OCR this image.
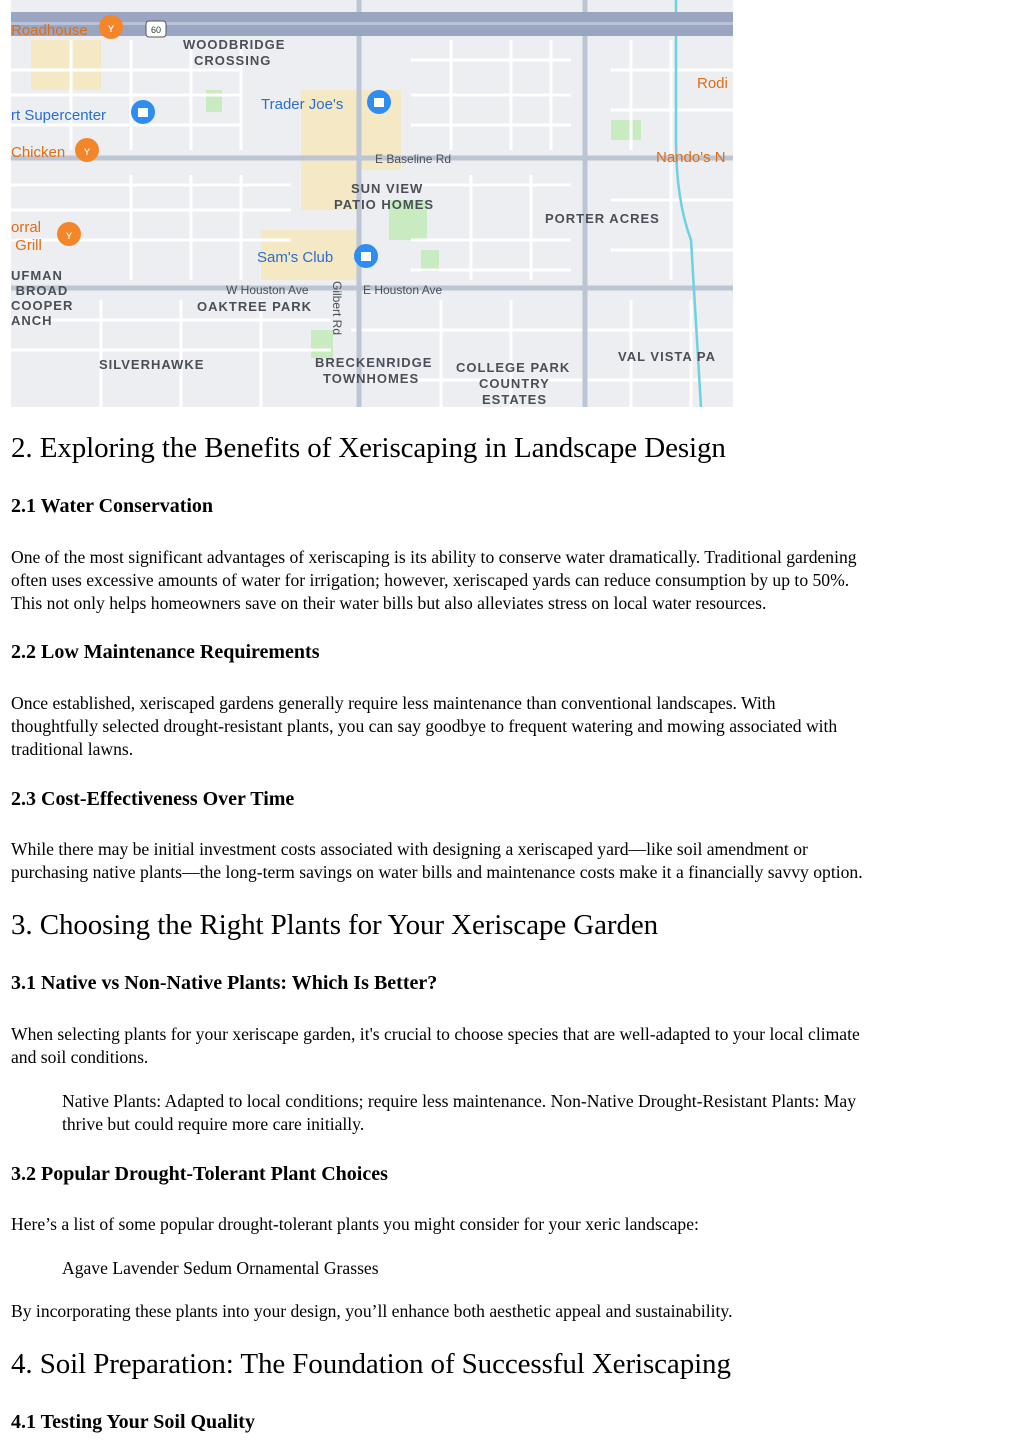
ʏ
ʏ
ʏ
60
Roadhouse
WOODBRIDGE CROSSING
Rodi
rt Supercenter
Trader Joe's
Chicken	E Baseline Rd	Nando's N
SUN VIEW PATIO HOMES
PORTER ACRES
orral Grill
Sam's Club
UFMAN BROAD COOPER ANCH
W Houston Ave	E Houston Ave
OAKTREE PARK Gilbert Rd
SILVERHAWKE	BRECKENRIDGE TOWNHOMES
COLLEGE PARK COUNTRY ESTATES
VAL VISTA PA
2. Exploring the Benefits of Xeriscaping in Landscape Design
2.1 Water Conservation

One of the most significant advantages of xeriscaping is its ability to conserve water dramatically. Traditional gardening
often uses excessive amounts of water for irrigation; however, xeriscaped yards can reduce consumption by up to 50%.
This not only helps homeowners save on their water bills but also alleviates stress on local water resources.

2.2 Low Maintenance Requirements

Once established, xeriscaped gardens generally require less maintenance than conventional landscapes. With
thoughtfully selected drought-resistant plants, you can say goodbye to frequent watering and mowing associated with
traditional lawns.

2.3 Cost-Effectiveness Over Time

While there may be initial investment costs associated with designing a xeriscaped yard—like soil amendment or
purchasing native plants—the long-term savings on water bills and maintenance costs make it a financially savvy option.

3. Choosing the Right Plants for Your Xeriscape Garden
3.1 Native vs Non-Native Plants: Which Is Better?

When selecting plants for your xeriscape garden, it's crucial to choose species that are well-adapted to your local climate
and soil conditions.

Native Plants: Adapted to local conditions; require less maintenance. Non-Native Drought-Resistant Plants: May
thrive but could require more care initially.

3.2 Popular Drought-Tolerant Plant Choices

Here’s a list of some popular drought-tolerant plants you might consider for your xeric landscape:

Agave Lavender Sedum Ornamental Grasses

By incorporating these plants into your design, you’ll enhance both aesthetic appeal and sustainability.

4. Soil Preparation: The Foundation of Successful Xeriscaping
4.1 Testing Your Soil Quality
